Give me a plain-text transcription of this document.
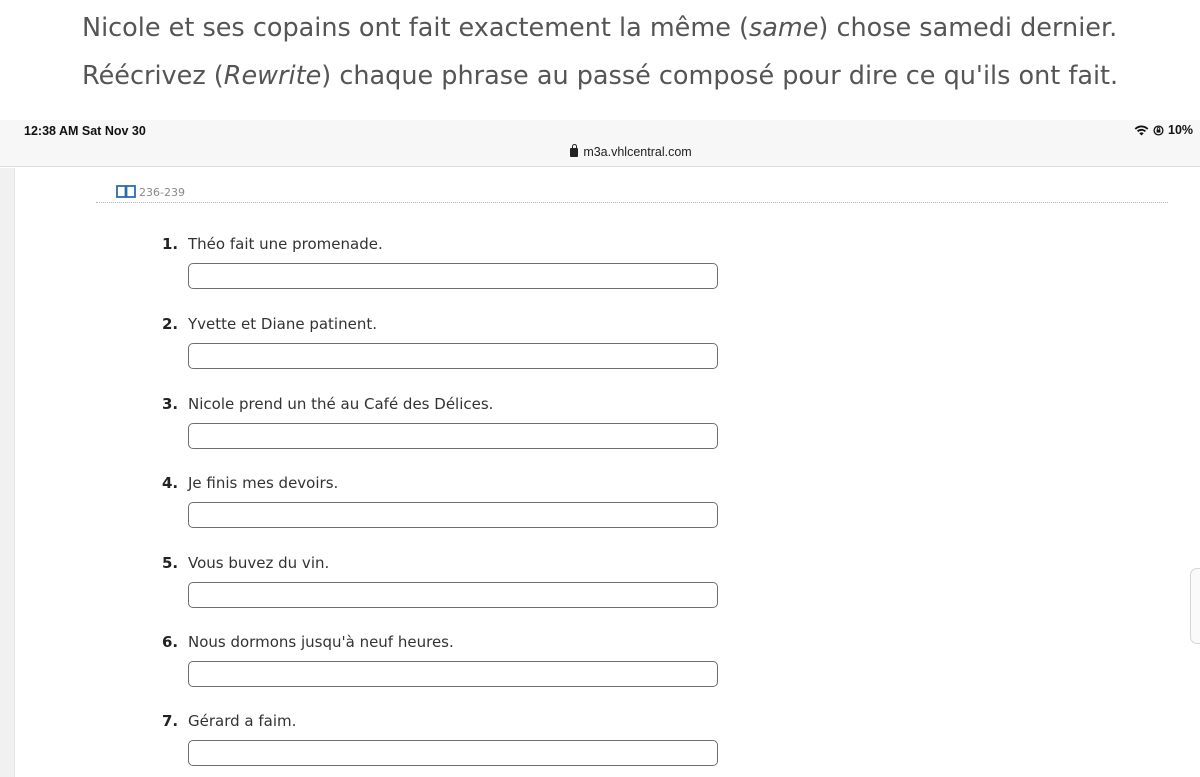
Nicole et ses copains ont fait exactement la même (same) chose samedi dernier.
Réécrivez (Rewrite) chaque phrase au passé composé pour dire ce qu'ils ont fait.
12:38 AM Sat Nov 30
m3a.vhlcentral.com
10%
236-239
1. Théo fait une promenade.
2. Yvette et Diane patinent.
3. Nicole prend un thé au Café des Délices.
4. Je finis mes devoirs.
5. Vous buvez du vin.
6. Nous dormons jusqu'à neuf heures.
7. Gérard a faim.
